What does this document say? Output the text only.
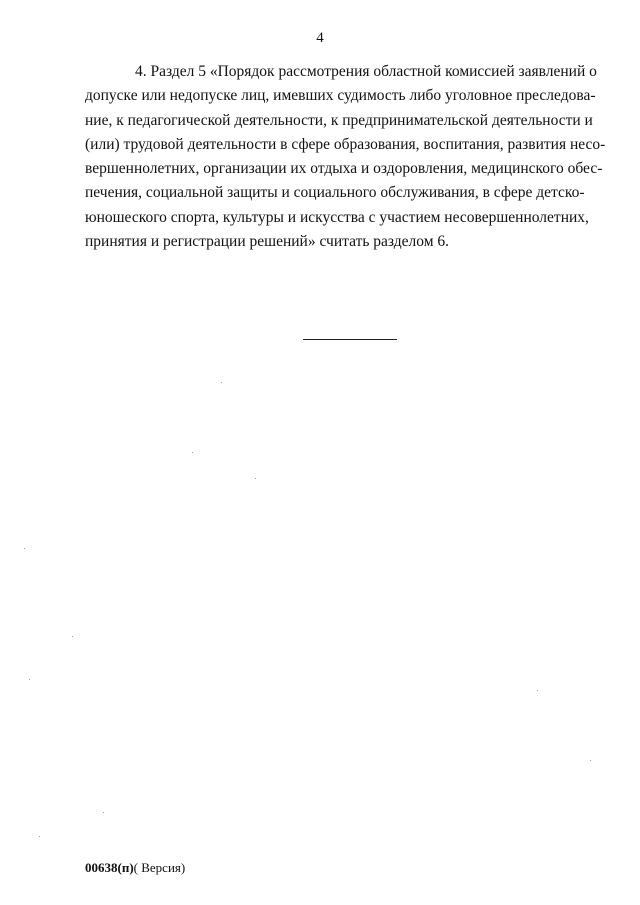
4
4. Раздел 5 «Порядок рассмотрения областной комиссией заявлений о
допуске или недопуске лиц, имевших судимость либо уголовное преследова-
ние, к педагогической деятельности, к предпринимательской деятельности и
(или) трудовой деятельности в сфере образования, воспитания, развития несо-
вершеннолетних, организации их отдыха и оздоровления, медицинского обес-
печения, социальной защиты и социального обслуживания, в сфере детско-
юношеского спорта, культуры и искусства с участием несовершеннолетних,
принятия и регистрации решений» считать разделом 6.
00638(п)( Версия)
